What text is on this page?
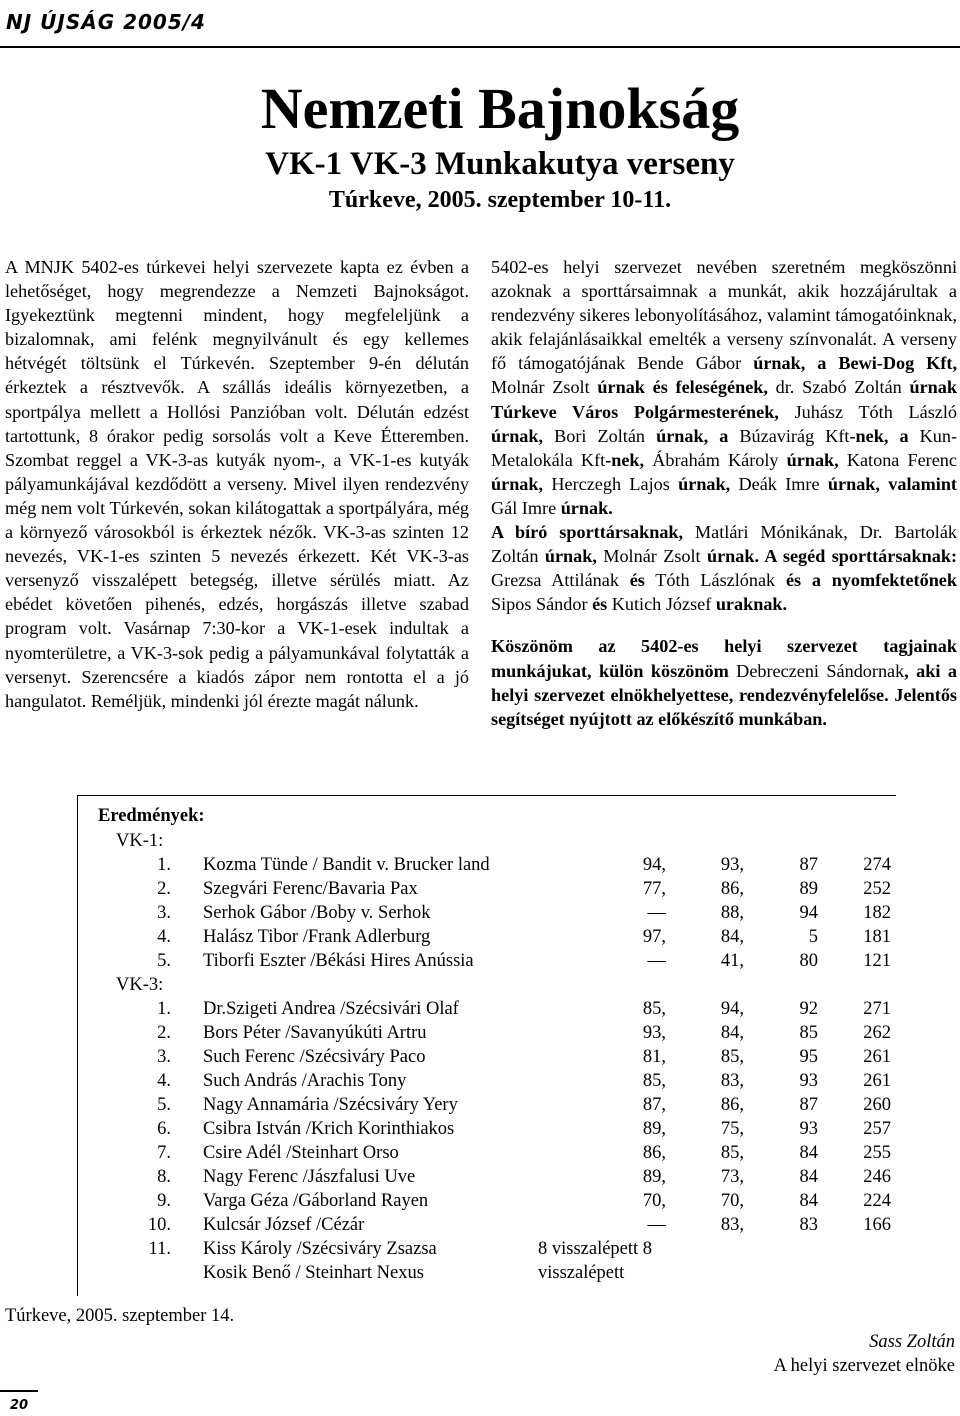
NJ ÚJSÁG 2005/4
Nemzeti Bajnokság
VK-1 VK-3 Munkakutya verseny
Túrkeve, 2005. szeptember 10-11.

A MNJK 5402-es túrkevei helyi szervezete kapta ez évben a lehetőséget, hogy megrendezze a Nemzeti Bajnokságot. Igyekeztünk megtenni mindent, hogy megfeleljünk a bizalomnak, ami felénk megnyilvánult és egy kellemes hétvégét töltsünk el Túrkevén. Szeptember 9-én délután érkeztek a résztvevők. A szállás ideális környezetben, a sportpálya mellett a Hollósi Panzióban volt. Délután edzést tartottunk, 8 órakor pedig sorsolás volt a Keve Étteremben. Szombat reggel a VK-3-as kutyák nyom-, a VK-1-es kutyák pályamunkájával kezdődött a verseny. Mivel ilyen rendezvény még nem volt Túrkevén, sokan kilátogattak a sportpályára, még a környező városokból is érkeztek nézők. VK-3-as szinten 12 nevezés, VK-1-es szinten 5 nevezés érkezett. Két VK-3-as versenyző visszalépett betegség, illetve sérülés miatt. Az ebédet követően pihenés, edzés, horgászás illetve szabad program volt. Vasárnap 7:30-kor a VK-1-esek indultak a nyomterületre, a VK-3-sok pedig a pályamunkával folytatták a versenyt. Szerencsére a kiadós zápor nem rontotta el a jó hangulatot. Reméljük, mindenki jól érezte magát nálunk.

5402-es helyi szervezet nevében szeretném megköszönni azoknak a sporttársaimnak a munkát, akik hozzájárultak a rendezvény sikeres lebonyolításához, valamint támogatóinknak, akik felajánlásaikkal emelték a verseny színvonalát. A verseny fő támogatójának Bende Gábor úrnak, a Bewi-Dog Kft, Molnár Zsolt úrnak és feleségének, dr. Szabó Zoltán úrnak Túrkeve Város Polgármesterének, Juhász Tóth László úrnak, Bori Zoltán úrnak, a Búzavirág Kft-nek, a Kun-Metalokála Kft-nek, Ábrahám Károly úrnak, Katona Ferenc úrnak, Herczegh Lajos úrnak, Deák Imre úrnak, valamint Gál Imre úrnak.

A bíró sporttársaknak, Matlári Mónikának, Dr. Bartolák Zoltán úrnak, Molnár Zsolt úrnak. A segéd sporttársaknak: Grezsa Attilának és Tóth Lászlónak és a nyomfektetőnek Sipos Sándor és Kutich József uraknak.

Köszönöm az 5402-es helyi szervezet tagjainak munkájukat, külön köszönöm Debreczeni Sándornak, aki a helyi szervezet elnökhelyettese, rendezvényfelelőse. Jelentős segítséget nyújtott az előkészítő munkában.

Eredmények:
VK-1:
VK-3:
1. Kozma Tünde / Bandit v. Brucker land	94,	93,	87 274
2. Szegvári Ferenc/Bavaria Pax	77,	86,	89 252
3. Serhok Gábor /Boby v. Serhok	—	88,	94 182
4. Halász Tibor /Frank Adlerburg	97,	84,	5 181
5. Tiborfi Eszter /Békási Hires Anússia	—	41,	80 121
1. Dr.Szigeti Andrea /Szécsivári Olaf	85,	94,	92 271
2. Bors Péter /Savanyúkúti Artru	93,	84,	85 262
3. Such Ferenc /Szécsiváry Paco	81,	85,	95 261
4. Such András /Arachis Tony	85,	83,	93 261
5. Nagy Annamária /Szécsiváry Yery	87,	86,	87 260
6. Csibra István /Krich Korinthiakos	89,	75,	93 257
7. Csire Adél /Steinhart Orso	86,	85,	84 255
8. Nagy Ferenc /Jászfalusi Uve	89,	73,	84 246
9. Varga Géza /Gáborland Rayen	70,	70,	84 224
10. Kulcsár József /Cézár	—	83,	83 166
11. Kiss Károly /Szécsiváry Zsazsa	8 visszalépett 8
Kosik Benő / Steinhart Nexus	visszalépett
Túrkeve, 2005. szeptember 14.
Sass Zoltán
A helyi szervezet elnöke
20
